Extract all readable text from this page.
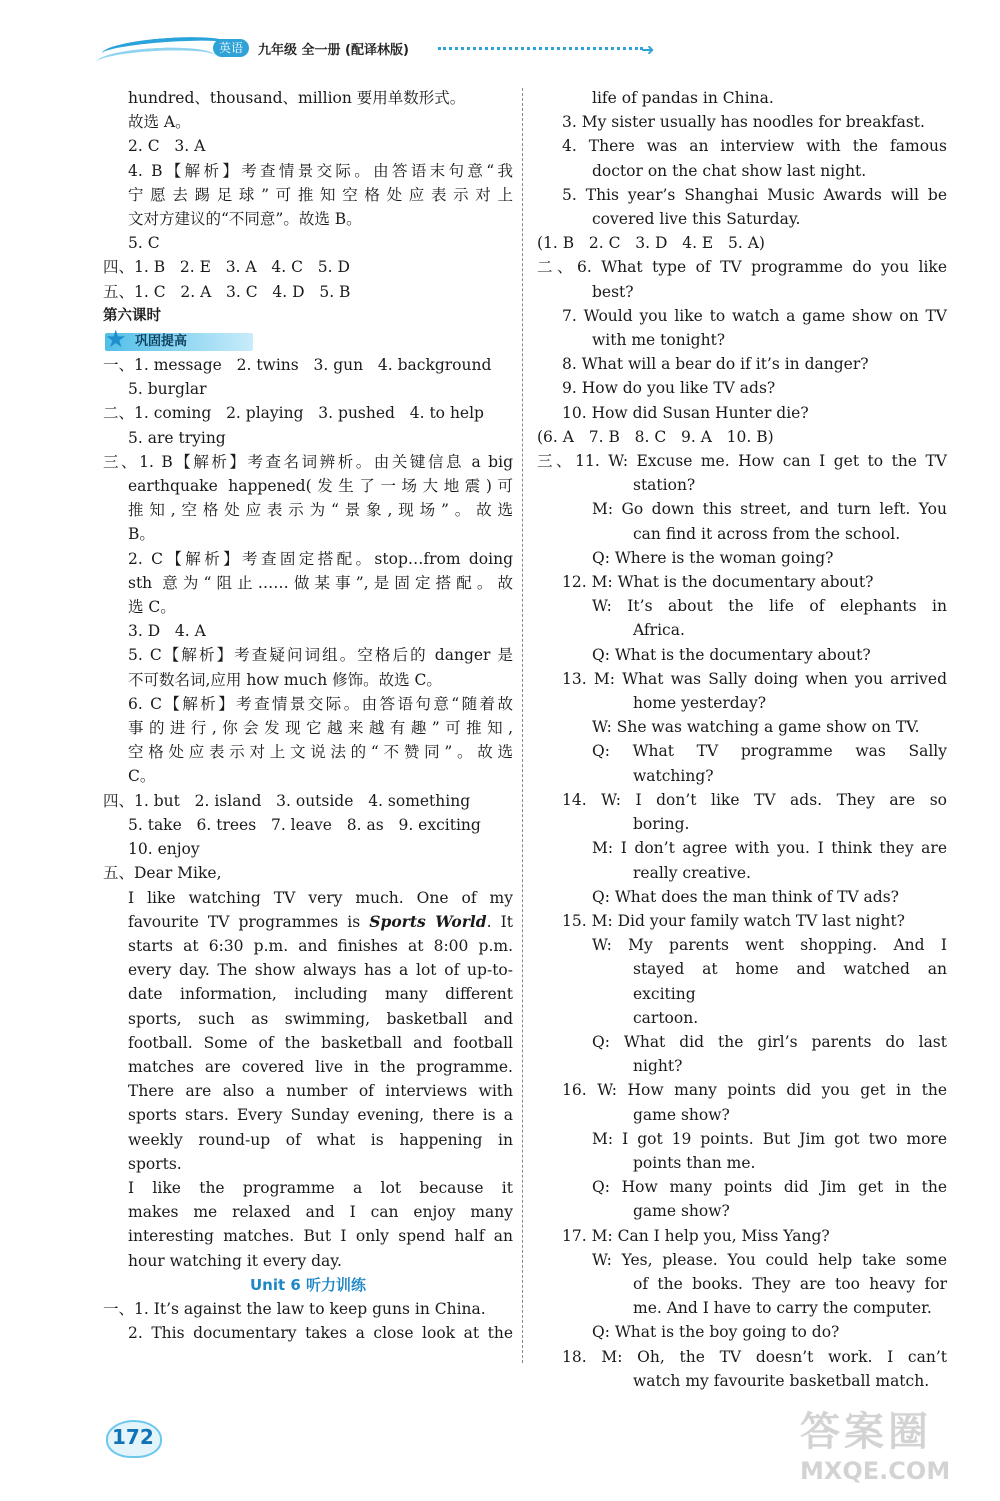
英语	九年级 全一册 (配译林版)	➜
hundred、thousand、million 要用单数形式。
故选 A。
2. C   3. A
4. B【解析】考查情景交际。由答语末句意“我
宁愿去踢足球”可推知空格处应表示对上
文对方建议的“不同意”。故选 B。
5. C
四、1. B   2. E   3. A   4. C   5. D
五、1. C   2. A   3. C   4. D   5. B
第六课时
★ 巩固提高
一、1. message   2. twins   3. gun   4. background
5. burglar
二、1. coming   2. playing   3. pushed   4. to help
5. are trying
三、1. B【解析】考查名词辨析。由关键信息 a big
earthquake happened(发生了一场大地震)可
推知,空格处应表示为“景象,现场”。故选
B。
2. C【解析】考查固定搭配。stop…from doing
sth 意为“阻止……做某事”,是固定搭配。故
选 C。
3. D   4. A
5. C【解析】考查疑问词组。空格后的 danger 是
不可数名词,应用 how much 修饰。故选 C。
6. C【解析】考查情景交际。由答语句意“随着故
事的进行,你会发现它越来越有趣”可推知,
空格处应表示对上文说法的“不赞同”。故选
C。
四、1. but   2. island   3. outside   4. something
5. take   6. trees   7. leave   8. as   9. exciting
10. enjoy
五、Dear Mike,
I like watching TV very much. One of my
favourite TV programmes is Sports World. It
starts at 6:30 p.m. and finishes at 8:00 p.m.
every day. The show always has a lot of up-to-
date information, including many different
sports, such as swimming, basketball and
football. Some of the basketball and football
matches are covered live in the programme.
There are also a number of interviews with
sports stars. Every Sunday evening, there is a
weekly round-up of what is happening in
sports.
I like the programme a lot because it
makes me relaxed and I can enjoy many
interesting matches. But I only spend half an
hour watching it every day.
Unit 6 听力训练
一、1. It’s against the law to keep guns in China.
2. This documentary takes a close look at the
life of pandas in China.
3. My sister usually has noodles for breakfast.
4. There was an interview with the famous
doctor on the chat show last night.
5. This year’s Shanghai Music Awards will be
covered live this Saturday.
(1. B   2. C   3. D   4. E   5. A)
二、6. What type of TV programme do you like
best?
7. Would you like to watch a game show on TV
with me tonight?
8. What will a bear do if it’s in danger?
9. How do you like TV ads?
10. How did Susan Hunter die?
(6. A   7. B   8. C   9. A   10. B)
三、11. W: Excuse me. How can I get to the TV
station?
M: Go down this street, and turn left. You
can find it across from the school.
Q: Where is the woman going?
12. M: What is the documentary about?
W: It’s about the life of elephants in
Africa.
Q: What is the documentary about?
13. M: What was Sally doing when you arrived
home yesterday?
W: She was watching a game show on TV.
Q: What TV programme was Sally
watching?
14. W: I don’t like TV ads. They are so
boring.
M: I don’t agree with you. I think they are
really creative.
Q: What does the man think of TV ads?
15. M: Did your family watch TV last night?
W: My parents went shopping. And I
stayed at home and watched an exciting
cartoon.
Q: What did the girl’s parents do last
night?
16. W: How many points did you get in the
game show?
M: I got 19 points. But Jim got two more
points than me.
Q: How many points did Jim get in the
game show?
17. M: Can I help you, Miss Yang?
W: Yes, please. You could help take some
of the books. They are too heavy for
me. And I have to carry the computer.
Q: What is the boy going to do?
18. M: Oh, the TV doesn’t work. I can’t
watch my favourite basketball match.
172	答案圈
MXQE.COM
